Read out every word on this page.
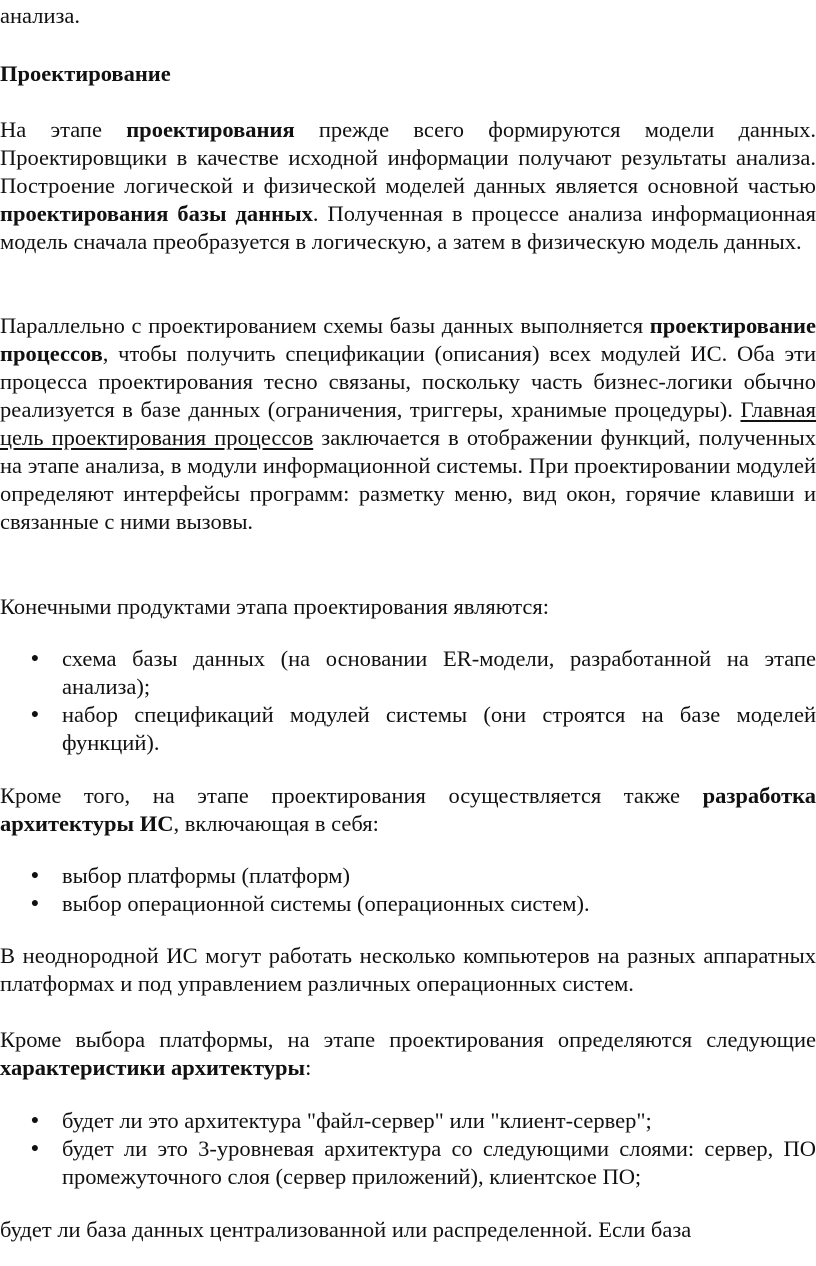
анализа.

Проектирование

На этапе проектирования прежде всего формируются модели данных. Проектировщики в качестве исходной информации получают результаты анализа. Построение логической и физической моделей данных является основной частью проектирования базы данных. Полученная в процессе анализа информационная модель сначала преобразуется в логическую, а затем в физическую модель данных.

Параллельно с проектированием схемы базы данных выполняется проектирование процессов, чтобы получить спецификации (описания) всех модулей ИС. Оба эти процесса проектирования тесно связаны, поскольку часть бизнес-логики обычно реализуется в базе данных (ограничения, триггеры, хранимые процедуры). Главная цель проектирования процессов заключается в отображении функций, полученных на этапе анализа, в модули информационной системы. При проектировании модулей определяют интерфейсы программ: разметку меню, вид окон, горячие клавиши и связанные с ними вызовы.

Конечными продуктами этапа проектирования являются:

● схема базы данных (на основании ER-модели, разработанной на этапе анализа);
● набор спецификаций модулей системы (они строятся на базе моделей функций).

Кроме того, на этапе проектирования осуществляется также разработка архитектуры ИС, включающая в себя:

● выбор платформы (платформ)
● выбор операционной системы (операционных систем).

В неоднородной ИС могут работать несколько компьютеров на разных аппаратных платформах и под управлением различных операционных систем.

Кроме выбора платформы, на этапе проектирования определяются следующие характеристики архитектуры:

● будет ли это архитектура "файл-сервер" или "клиент-сервер";
● будет ли это 3-уровневая архитектура со следующими слоями: сервер, ПО промежуточного слоя (сервер приложений), клиентское ПО;

будет ли база данных централизованной или распределенной. Если база
